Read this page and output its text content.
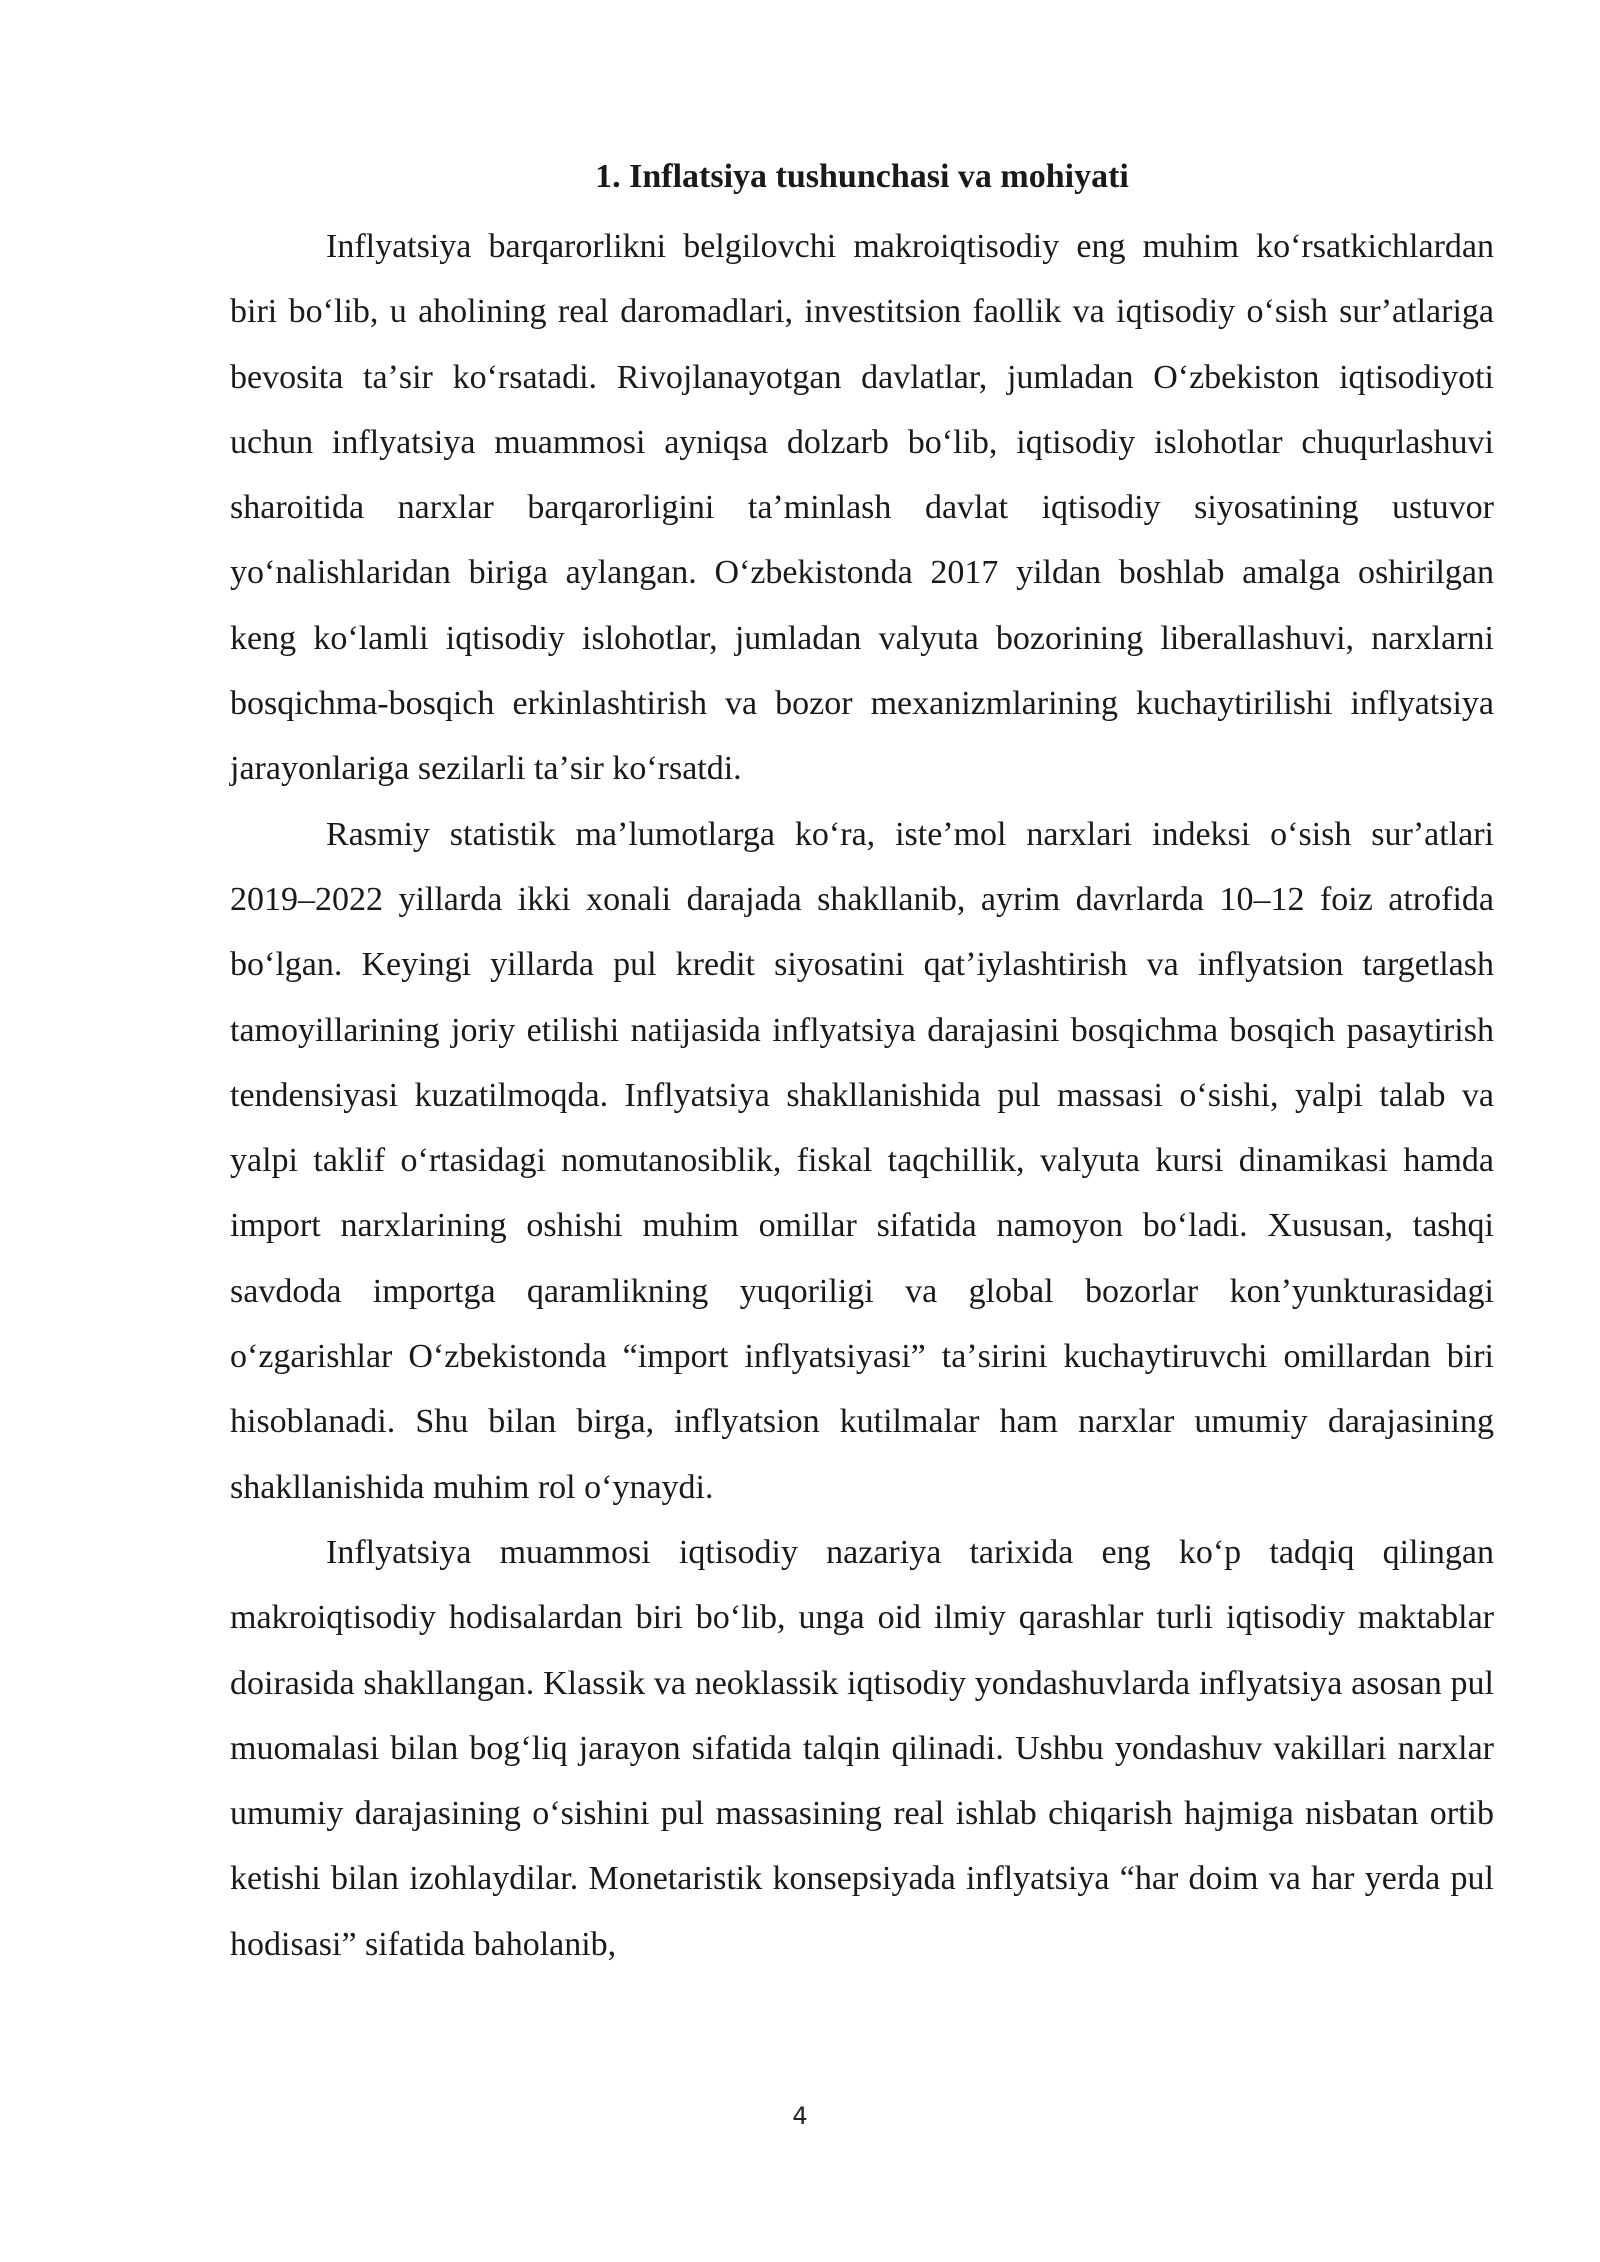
1. Inflatsiya tushunchasi va mohiyati

Inflyatsiya barqarorlikni belgilovchi makroiqtisodiy eng muhim koʻrsatkichlardan biri boʻlib, u aholining real daromadlari, investitsion faollik va iqtisodiy oʻsish surʼatlariga bevosita taʼsir koʻrsatadi. Rivojlanayotgan davlatlar, jumladan Oʻzbekiston iqtisodiyoti uchun inflyatsiya muammosi ayniqsa dolzarb boʻlib, iqtisodiy islohotlar chuqurlashuvi sharoitida narxlar barqarorligini taʼminlash davlat iqtisodiy siyosatining ustuvor yoʻnalishlaridan biriga aylangan. Oʻzbekistonda 2017 yildan boshlab amalga oshirilgan keng koʻlamli iqtisodiy islohotlar, jumladan valyuta bozorining liberallashuvi, narxlarni bosqichma-bosqich erkinlashtirish va bozor mexanizmlarining kuchaytirilishi inflyatsiya jarayonlariga sezilarli taʼsir koʻrsatdi.

Rasmiy statistik maʼlumotlarga koʻra, isteʼmol narxlari indeksi oʻsish surʼatlari 2019–2022 yillarda ikki xonali darajada shakllanib, ayrim davrlarda 10–12 foiz atrofida boʻlgan. Keyingi yillarda pul kredit siyosatini qatʼiylashtirish va inflyatsion targetlash tamoyillarining joriy etilishi natijasida inflyatsiya darajasini bosqichma bosqich pasaytirish tendensiyasi kuzatilmoqda. Inflyatsiya shakllanishida pul massasi oʻsishi, yalpi talab va yalpi taklif oʻrtasidagi nomutanosiblik, fiskal taqchillik, valyuta kursi dinamikasi hamda import narxlarining oshishi muhim omillar sifatida namoyon boʻladi. Xususan, tashqi savdoda importga qaramlikning yuqoriligi va global bozorlar konʼyunkturasidagi oʻzgarishlar Oʻzbekistonda “import inflyatsiyasi” taʼsirini kuchaytiruvchi omillardan biri hisoblanadi. Shu bilan birga, inflyatsion kutilmalar ham narxlar umumiy darajasining shakllanishida muhim rol oʻynaydi.

Inflyatsiya muammosi iqtisodiy nazariya tarixida eng koʻp tadqiq qilingan makroiqtisodiy hodisalardan biri boʻlib, unga oid ilmiy qarashlar turli iqtisodiy maktablar doirasida shakllangan. Klassik va neoklassik iqtisodiy yondashuvlarda inflyatsiya asosan pul muomalasi bilan bogʻliq jarayon sifatida talqin qilinadi. Ushbu yondashuv vakillari narxlar umumiy darajasining oʻsishini pul massasining real ishlab chiqarish hajmiga nisbatan ortib ketishi bilan izohlaydilar. Monetaristik konsepsiyada inflyatsiya “har doim va har yerda pul hodisasi” sifatida baholanib,

4
